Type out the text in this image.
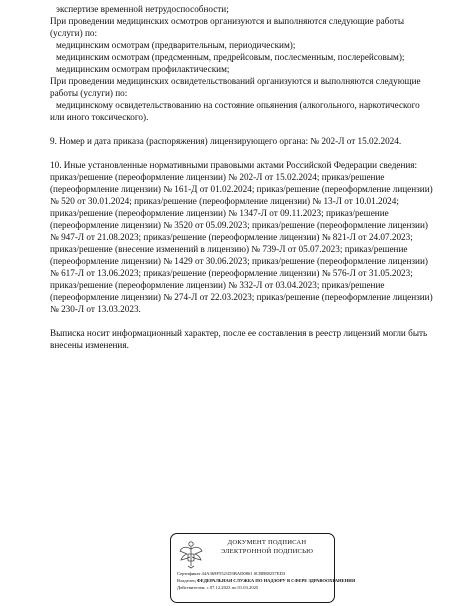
экспертизе временной нетрудоспособности;
При проведении медицинских осмотров организуются и выполняются следующие работы
(услуги) по:
медицинским осмотрам (предварительным, периодическим);
медицинским осмотрам (предсменным, предрейсовым, послесменным, послерейсовым);
медицинским осмотрам профилактическим;
При проведении медицинских освидетельствований организуются и выполняются следующие
работы (услуги) по:
медицинскому освидетельствованию на состояние опьянения (алкогольного, наркотического
или иного токсического).
9. Номер и дата приказа (распоряжения) лицензирующего органа: № 202-Л от 15.02.2024.
10. Иные установленные нормативными правовыми актами Российской Федерации сведения:
приказ/решение (переоформление лицензии) № 202-Л от 15.02.2024; приказ/решение
(переоформление лицензии) № 161-Д от 01.02.2024; приказ/решение (переоформление лицензии)
№ 520 от 30.01.2024; приказ/решение (переоформление лицензии) № 13-Л от 10.01.2024;
приказ/решение (переоформление лицензии) № 1347-Л от 09.11.2023; приказ/решение
(переоформление лицензии) № 3520 от 05.09.2023; приказ/решение (переоформление лицензии)
№ 947-Л от 21.08.2023; приказ/решение (переоформление лицензии) № 821-Л от 24.07.2023;
приказ/решение (внесение изменений в лицензию) № 739-Л от 05.07.2023; приказ/решение
(переоформление лицензии) № 1429 от 30.06.2023; приказ/решение (переоформление лицензии)
№ 617-Л от 13.06.2023; приказ/решение (переоформление лицензии) № 576-Л от 31.05.2023;
приказ/решение (переоформление лицензии) № 332-Л от 03.04.2023; приказ/решение
(переоформление лицензии) № 274-Л от 22.03.2023; приказ/решение (переоформление лицензии)
№ 230-Л от 13.03.2023.
Выписка носит информационный характер, после ее составления в реестр лицензий могли быть
внесены изменения.
ДОКУМЕНТ ПОДПИСАН
ЭЛЕКТРОННОЙ ПОДПИСЬЮ
Сертификат 44A369F5521D3BAD0861 0CBB88257ED3
Владелец ФЕДЕРАЛЬНАЯ СЛУЖБА ПО НАДЗОРУ В СФЕРЕ ЗДРАВООХРАНЕНИЯ
Действителен: с 07.12.2023 по 01.03.2025
